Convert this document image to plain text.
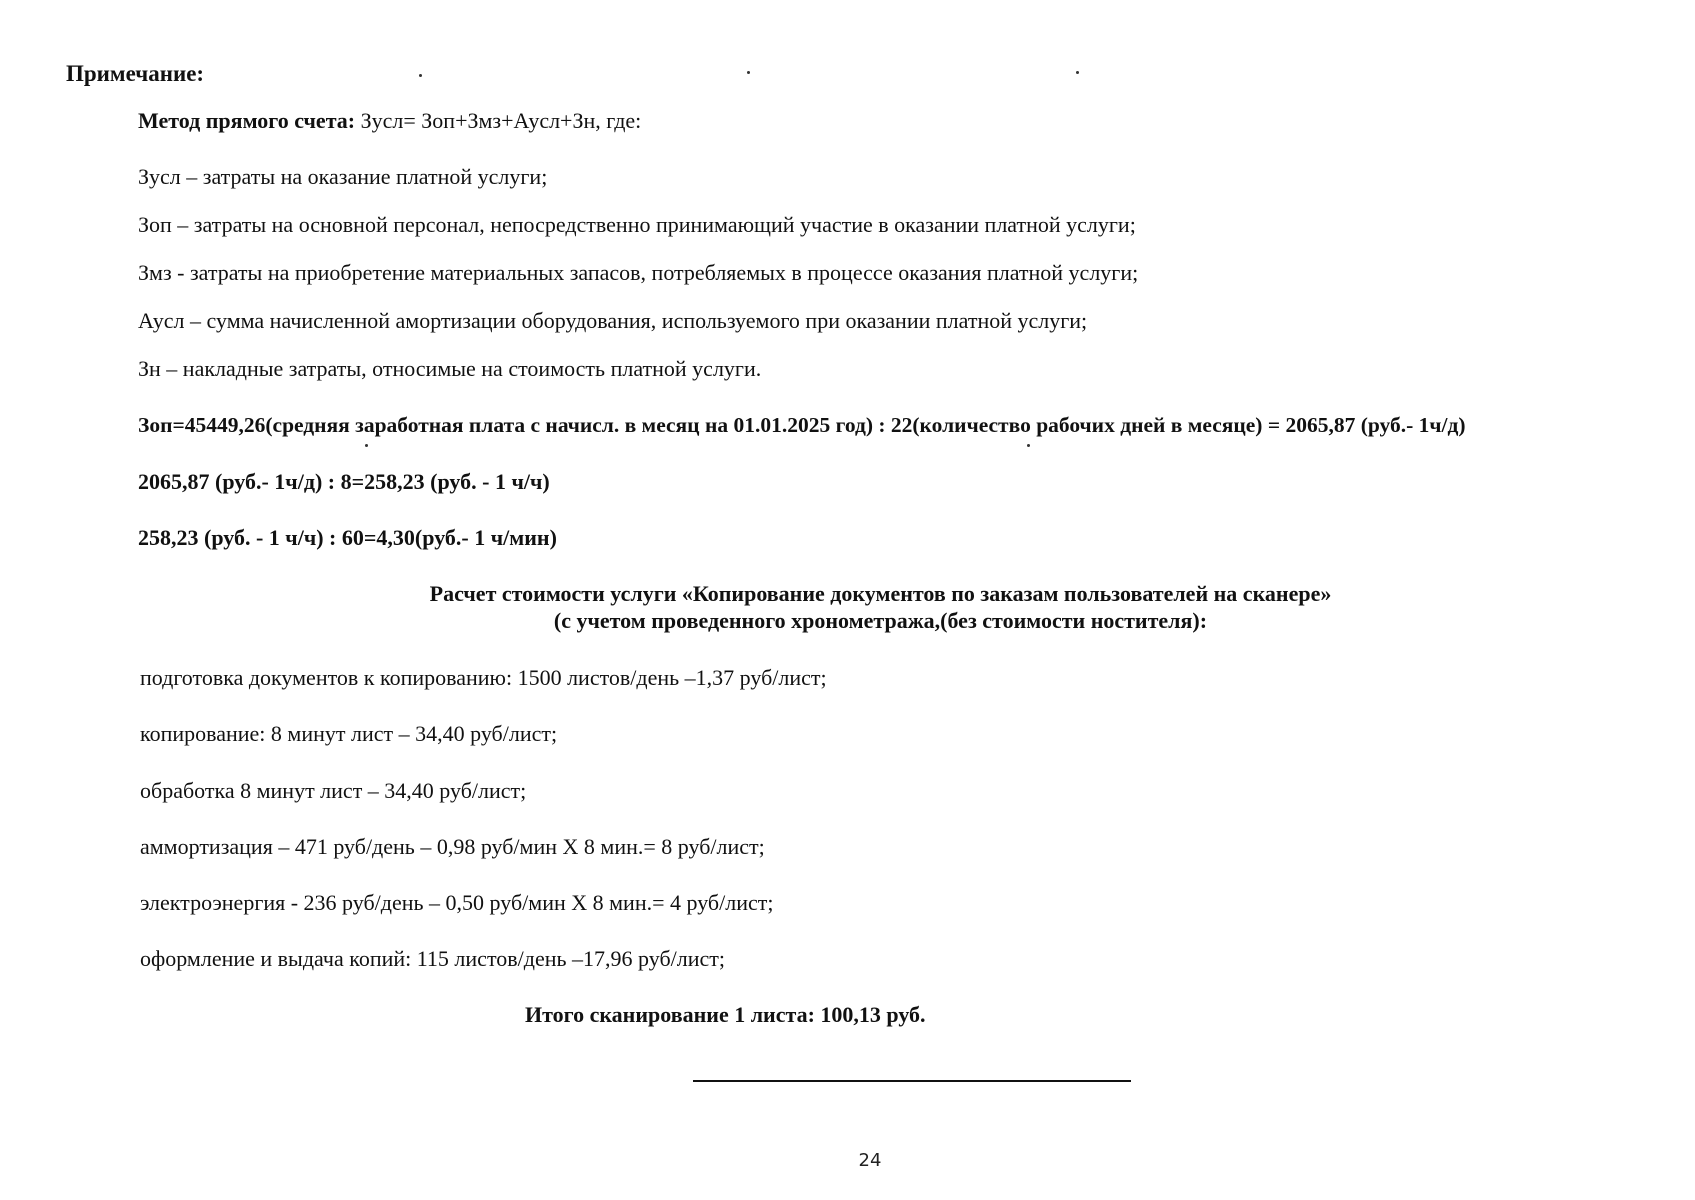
Примечание:
Метод прямого счета: Зусл= Зоп+Змз+Аусл+Зн, где:
Зусл – затраты на оказание платной услуги;
Зоп – затраты на основной персонал, непосредственно принимающий участие в оказании платной услуги;
Змз - затраты на приобретение материальных запасов, потребляемых в процессе оказания платной услуги;
Аусл – сумма начисленной амортизации оборудования, используемого при оказании платной услуги;
Зн – накладные затраты, относимые на стоимость платной услуги.
Зоп=45449,26(средняя заработная плата с начисл. в месяц на 01.01.2025 год) : 22(количество рабочих дней в месяце) = 2065,87 (руб.- 1ч/д)
2065,87 (руб.- 1ч/д) : 8=258,23 (руб. - 1 ч/ч)
258,23 (руб. - 1 ч/ч) : 60=4,30(руб.- 1 ч/мин)
Расчет стоимости услуги «Копирование документов по заказам пользователей на сканере»
(с учетом проведенного хронометража,(без стоимости ноcтителя):
подготовка документов к копированию: 1500 листов/день –1,37 руб/лист;
копирование: 8 минут лист – 34,40 руб/лист;
обработка 8 минут лист – 34,40 руб/лист;
аммортизация – 471 руб/день – 0,98 руб/мин Х 8 мин.= 8 руб/лист;
электроэнергия - 236 руб/день – 0,50 руб/мин Х 8 мин.= 4 руб/лист;
оформление и выдача копий: 115 листов/день –17,96 руб/лист;
Итого сканирование 1 листа: 100,13 руб.
24
